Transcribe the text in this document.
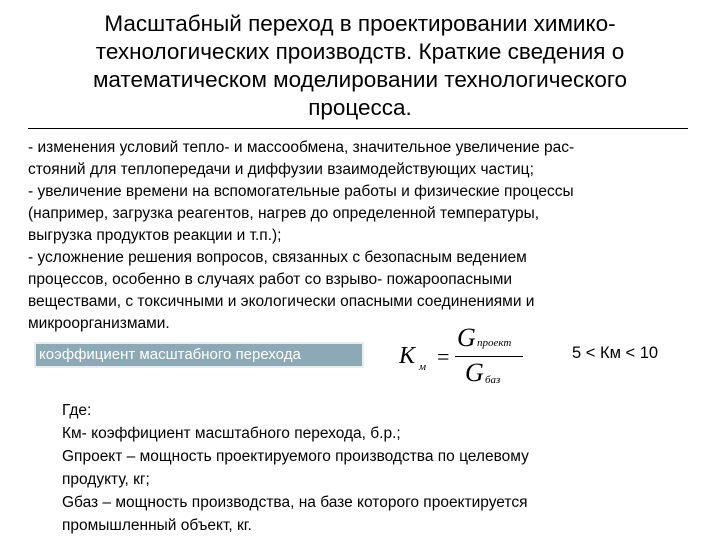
Масштабный переход в проектировании химико-
технологических производств. Краткие сведения о
математическом моделировании технологического
процесса.
- изменения условий тепло- и массообмена, значительное увеличение рас-
стояний для теплопередачи и диффузии взаимодействующих частиц;
- увеличение времени на вспомогательные работы и физические процессы
(например, загрузка реагентов, нагрев до определенной температуры,
выгрузка продуктов реакции и т.п.);
- усложнение решения вопросов, связанных с безопасным ведением
процессов, особенно в случаях работ со взрыво- пожароопасными
веществами, с токсичными и экологически опасными соединениями и
микроорганизмами.
коэффициент масштабного перехода	K м =
G проект
G баз
5 < Км < 10
Где:
Км- коэффициент масштабного перехода, б.р.;
Gпроект – мощность проектируемого производства по целевому
продукту, кг;
Gбаз – мощность производства, на базе которого проектируется
промышленный объект, кг.
